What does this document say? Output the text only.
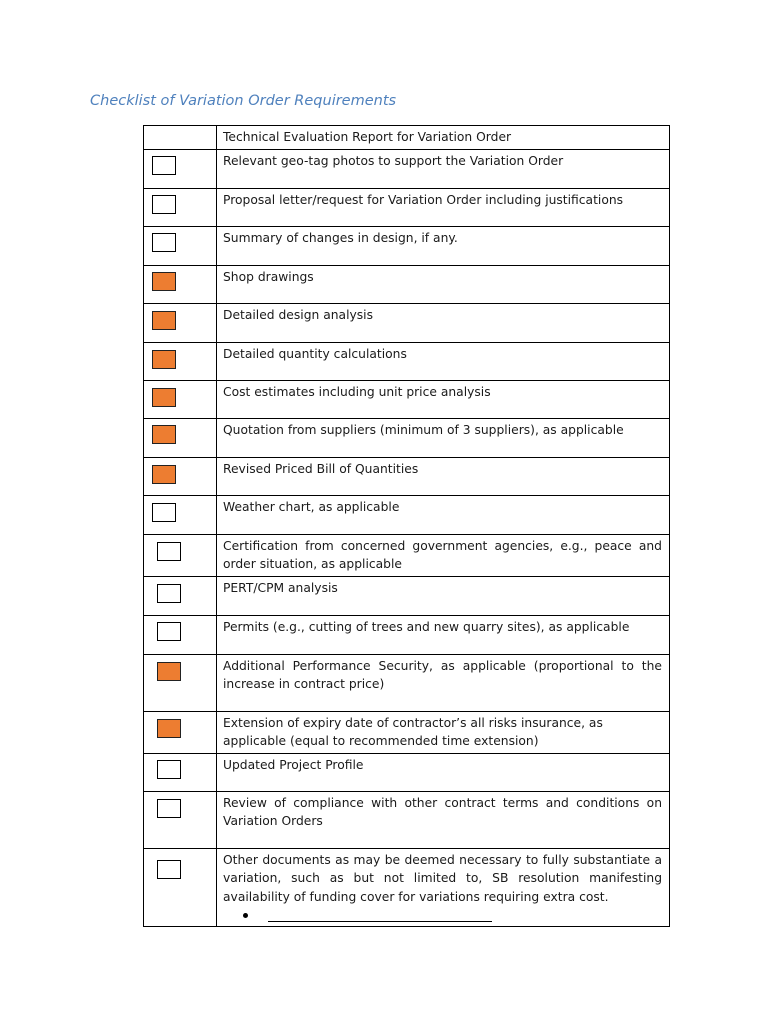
Checklist of Variation Order Requirements
	Technical Evaluation Report for Variation Order

	Relevant geo-tag photos to support the Variation Order

	Proposal letter/request for Variation Order including justifications

	Summary of changes in design, if any.

	Shop drawings

	Detailed design analysis

	Detailed quantity calculations

	Cost estimates including unit price analysis

	Quotation from suppliers (minimum of 3 suppliers), as applicable

	Revised Priced Bill of Quantities

	Weather chart, as applicable

	Certification from concerned government agencies, e.g., peace and order situation, as applicable

	PERT/CPM analysis

	Permits (e.g., cutting of trees and new quarry sites), as applicable

	Additional Performance Security, as applicable (proportional to the increase in contract price)

	Extension of expiry date of contractor’s all risks insurance, as applicable (equal to recommended time extension)

	Updated Project Profile

	Review of compliance with other contract terms and conditions on Variation Orders

	Other documents as may be deemed necessary to fully substantiate a variation, such as but not limited to, SB resolution manifesting availability of funding cover for variations requiring extra cost.
